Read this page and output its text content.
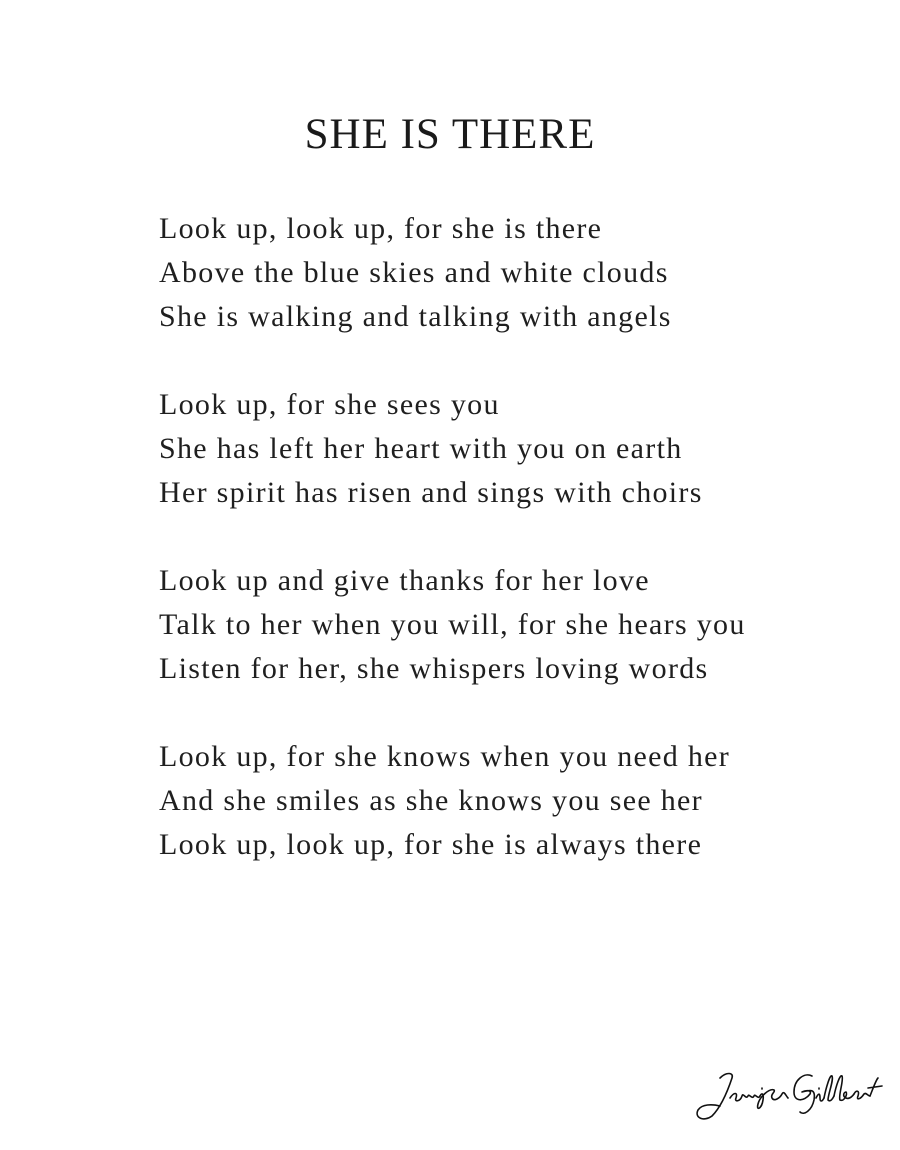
SHE IS THERE
Look up, look up, for she is there
Above the blue skies and white clouds
She is walking and talking with angels
Look up, for she sees you
She has left her heart with you on earth
Her spirit has risen and sings with choirs
Look up and give thanks for her love
Talk to her when you will, for she hears you
Listen for her, she whispers loving words
Look up, for she knows when you need her
And she smiles as she knows you see her
Look up, look up, for she is always there
